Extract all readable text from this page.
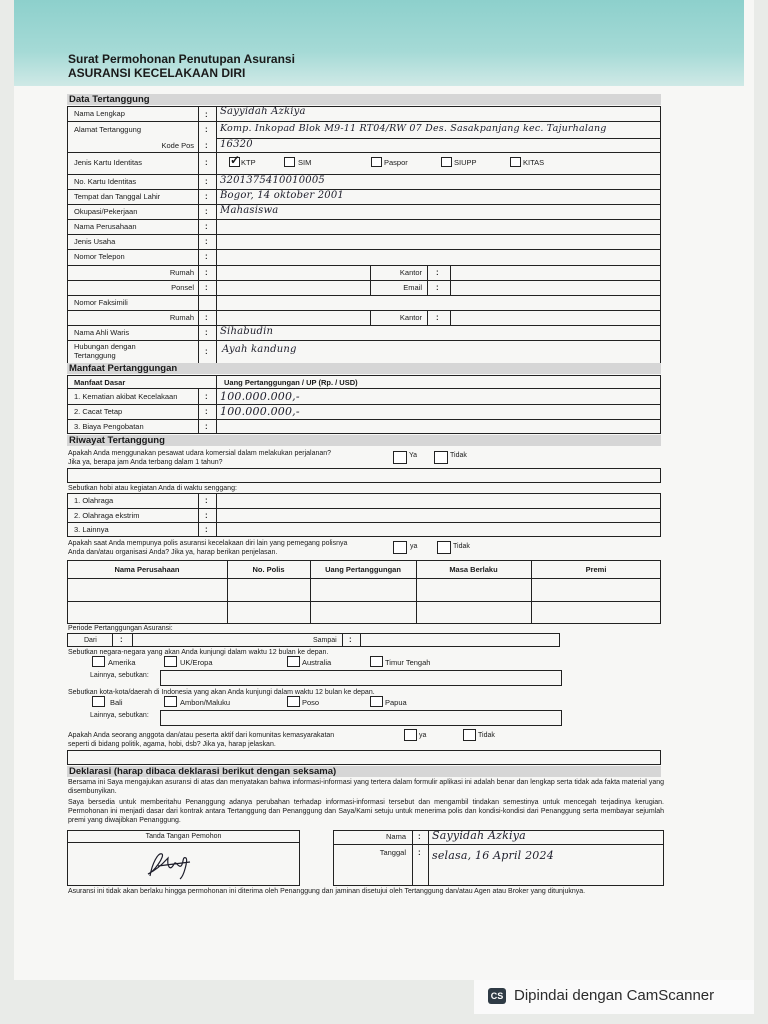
Surat Permohonan Penutupan Asuransi
ASURANSI KECELAKAAN DIRI
Data Tertanggung
Nama Lengkap	: Sayyidah Azkiya
Alamat Tertanggung	: Komp. Inkopad Blok M9-11 RT04/RW 07 Des. Sasakpanjang kec. Tajurhalang
Kode Pos : 16320
Jenis Kartu Identitas	: ✓ KTP	SIM	Paspor	SIUPP	KITAS
No. Kartu Identitas	: 3201375410010005
Tempat dan Tanggal Lahir	: Bogor, 14 oktober 2001
Okupasi/Pekerjaan	: Mahasiswa
Nama Perusahaan	:
Jenis Usaha	:
Nomor Telepon	:
Rumah :	Kantor :
Ponsel :	Email :
Nomor Faksimili
Rumah :	Kantor :
Nama Ahli Waris	: Sihabudin
Hubungan dengan
Tertanggung	: Ayah kandung
Manfaat Pertanggungan
Manfaat Dasar	Uang Pertanggungan / UP (Rp. / USD)
1. Kematian akibat Kecelakaan	: 100.000.000,-
2. Cacat Tetap	: 100.000.000,-
3. Biaya Pengobatan	:
Riwayat Tertanggung
Apakah Anda menggunakan pesawat udara komersial dalam melakukan perjalanan?
Jika ya, berapa jam Anda terbang dalam 1 tahun?
Ya	Tidak
Sebutkan hobi atau kegiatan Anda di waktu senggang:
1. Olahraga	:
2. Olahraga ekstrim	:
3. Lainnya	:
Apakah saat Anda mempunya polis asuransi kecelakaan diri lain yang pemegang polisnya
Anda dan/atau organisasi Anda? Jika ya, harap berikan penjelasan.
ya	Tidak
Nama Perusahaan	No. Polis	Uang Pertanggungan	Masa Berlaku	Premi
Periode Pertanggungan Asuransi:
Dari	:	Sampai :
Sebutkan negara-negara yang akan Anda kunjungi dalam waktu 12 bulan ke depan.
Amerika	UK/Eropa	Australia	Timur Tengah
Lainnya, sebutkan:
Sebutkan kota-kota/daerah di Indonesia yang akan Anda kunjungi dalam waktu 12 bulan ke depan.
Bali	Ambon/Maluku	Poso	Papua
Lainnya, sebutkan:
Apakah Anda seorang anggota dan/atau peserta aktif dari komunitas kemasyarakatan
seperti di bidang politik, agama, hobi, dsb? Jika ya, harap jelaskan.
ya	Tidak
Deklarasi (harap dibaca deklarasi berikut dengan seksama)
Bersama ini Saya mengajukan asuransi di atas dan menyatakan bahwa informasi-informasi yang tertera dalam formulir aplikasi ini adalah benar dan lengkap serta tidak ada fakta material yang disembunyikan.
Saya bersedia untuk memberitahu Penanggung adanya perubahan terhadap informasi-informasi tersebut dan mengambil tindakan semestinya untuk mencegah terjadinya kerugian. Permohonan ini menjadi dasar dari kontrak antara Tertanggung dan Penanggung dan Saya/Kami setuju untuk menerima polis dan kondisi-kondisi dari Penanggung serta membayar sejumlah premi yang diwajibkan Penanggung.
Tanda Tangan Pemohon	Nama : Sayyidah Azkiya
Tanggal : selasa, 16 April 2024
Asuransi ini tidak akan berlaku hingga permohonan ini diterima oleh Penanggung dan jaminan disetujui oleh Tertanggung dan/atau Agen atau Broker yang ditunjuknya.
CS Dipindai dengan CamScanner
